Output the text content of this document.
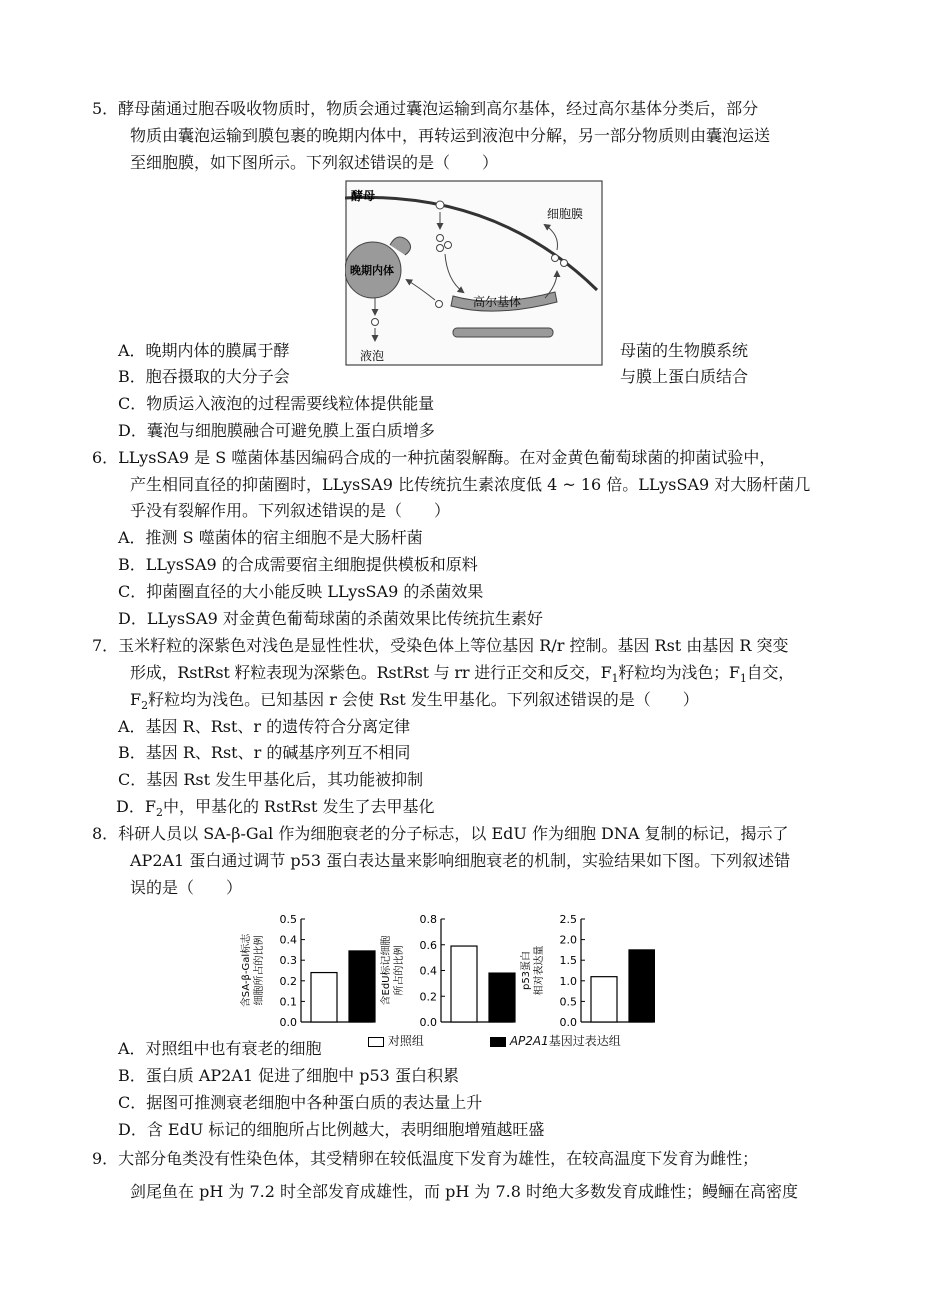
5．酵母菌通过胞吞吸收物质时，物质会通过囊泡运输到高尔基体，经过高尔基体分类后，部分
物质由囊泡运输到膜包裹的晚期内体中，再转运到液泡中分解，另一部分物质则由囊泡运送
至细胞膜，如下图所示。下列叙述错误的是（　　）
酵母
细胞膜
晚期内体
高尔基体
液泡
A．晚期内体的膜属于酵	母菌的生物膜系统
B．胞吞摄取的大分子会	与膜上蛋白质结合
C．物质运入液泡的过程需要线粒体提供能量
D．囊泡与细胞膜融合可避免膜上蛋白质增多
6．LLysSA9 是 S 噬菌体基因编码合成的一种抗菌裂解酶。在对金黄色葡萄球菌的抑菌试验中，
产生相同直径的抑菌圈时，LLysSA9 比传统抗生素浓度低 4 ~ 16 倍。LLysSA9 对大肠杆菌几
乎没有裂解作用。下列叙述错误的是（　　）
A．推测 S 噬菌体的宿主细胞不是大肠杆菌
B．LLysSA9 的合成需要宿主细胞提供模板和原料
C．抑菌圈直径的大小能反映 LLysSA9 的杀菌效果
D．LLysSA9 对金黄色葡萄球菌的杀菌效果比传统抗生素好
7．玉米籽粒的深紫色对浅色是显性性状，受染色体上等位基因 R/r 控制。基因 Rst 由基因 R 突变
形成，RstRst 籽粒表现为深紫色。RstRst 与 rr 进行正交和反交，$F_1$籽粒均为浅色；$F_1$自交，
$F_2$籽粒均为浅色。已知基因 r 会使 Rst 发生甲基化。下列叙述错误的是（　　）
A．基因 R、Rst、r 的遗传符合分离定律
B．基因 R、Rst、r 的碱基序列互不相同
C．基因 Rst 发生甲基化后，其功能被抑制
D．$F_2$中，甲基化的 RstRst 发生了去甲基化
8．科研人员以 SA-β-Gal 作为细胞衰老的分子标志，以 EdU 作为细胞 DNA 复制的标记，揭示了
AP2A1 蛋白通过调节 p53 蛋白表达量来影响细胞衰老的机制，实验结果如下图。下列叙述错
误的是（　　）
0.0
0.1
0.2
0.3
0.4
0.5
含SA-β-Gal标志 细胞所占的比例
0.0
0.2
0.4
0.6
0.8
含EdU标记细胞 所占的比例
0.0
0.5
1.0
1.5
2.0
2.5
p53蛋白 相对表达量
对照组	AP2A1基因过表达组
A．对照组中也有衰老的细胞
B．蛋白质 AP2A1 促进了细胞中 p53 蛋白积累
C．据图可推测衰老细胞中各种蛋白质的表达量上升
D．含 EdU 标记的细胞所占比例越大，表明细胞增殖越旺盛
9．大部分龟类没有性染色体，其受精卵在较低温度下发育为雄性，在较高温度下发育为雌性；
剑尾鱼在 pH 为 7.2 时全部发育成雄性，而 pH 为 7.8 时绝大多数发育成雌性；鳗鲡在高密度
